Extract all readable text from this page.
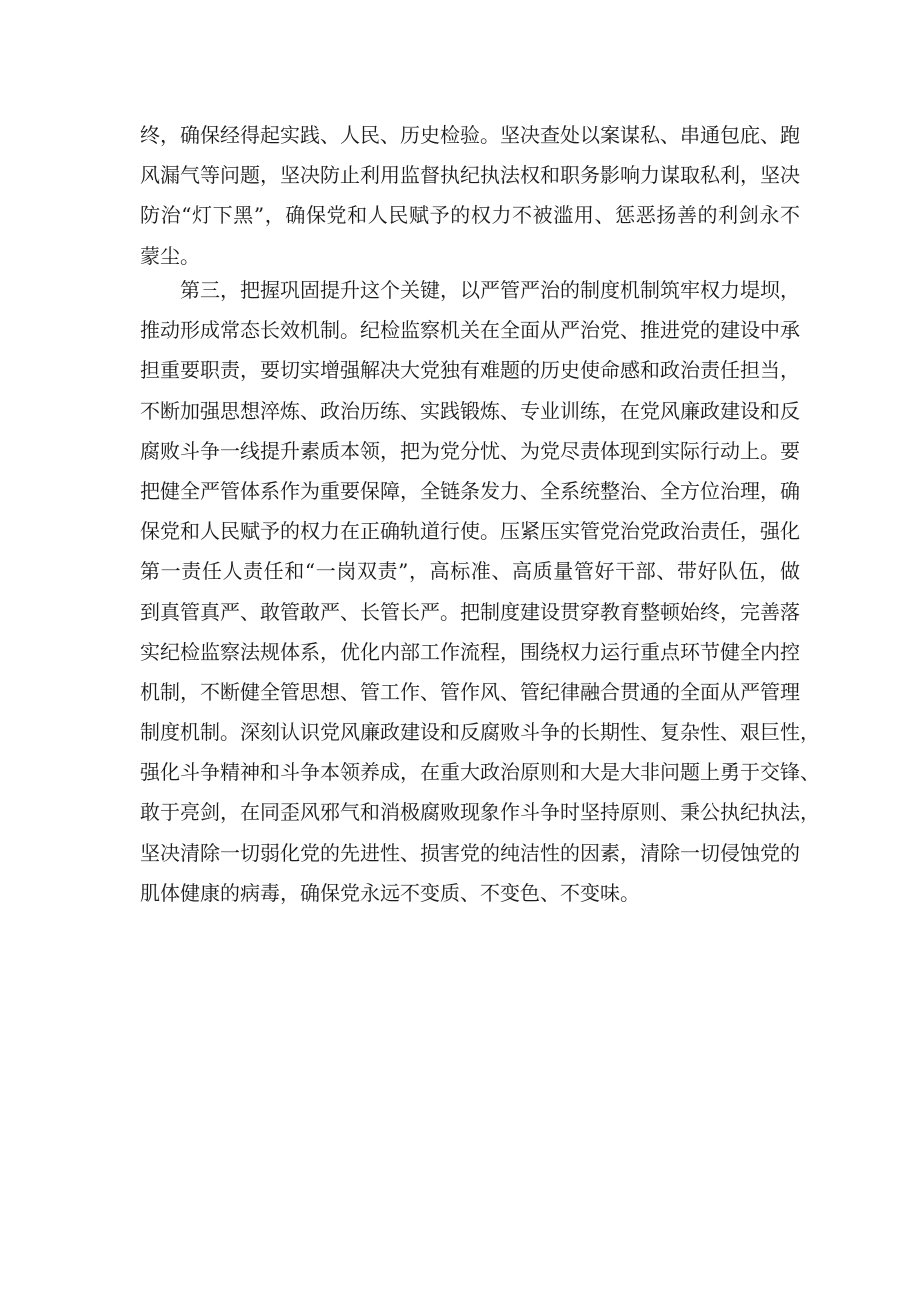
终，确保经得起实践、人民、历史检验。坚决查处以案谋私、串通包庇、跑
风漏气等问题，坚决防止利用监督执纪执法权和职务影响力谋取私利，坚决
防治“灯下黑”，确保党和人民赋予的权力不被滥用、惩恶扬善的利剑永不
蒙尘。
第三，把握巩固提升这个关键，以严管严治的制度机制筑牢权力堤坝，
推动形成常态长效机制。纪检监察机关在全面从严治党、推进党的建设中承
担重要职责，要切实增强解决大党独有难题的历史使命感和政治责任担当，
不断加强思想淬炼、政治历练、实践锻炼、专业训练，在党风廉政建设和反
腐败斗争一线提升素质本领，把为党分忧、为党尽责体现到实际行动上。要
把健全严管体系作为重要保障，全链条发力、全系统整治、全方位治理，确
保党和人民赋予的权力在正确轨道行使。压紧压实管党治党政治责任，强化
第一责任人责任和“一岗双责”，高标准、高质量管好干部、带好队伍，做
到真管真严、敢管敢严、长管长严。把制度建设贯穿教育整顿始终，完善落
实纪检监察法规体系，优化内部工作流程，围绕权力运行重点环节健全内控
机制，不断健全管思想、管工作、管作风、管纪律融合贯通的全面从严管理
制度机制。深刻认识党风廉政建设和反腐败斗争的长期性、复杂性、艰巨性，
强化斗争精神和斗争本领养成，在重大政治原则和大是大非问题上勇于交锋、
敢于亮剑，在同歪风邪气和消极腐败现象作斗争时坚持原则、秉公执纪执法，
坚决清除一切弱化党的先进性、损害党的纯洁性的因素，清除一切侵蚀党的
肌体健康的病毒，确保党永远不变质、不变色、不变味。
